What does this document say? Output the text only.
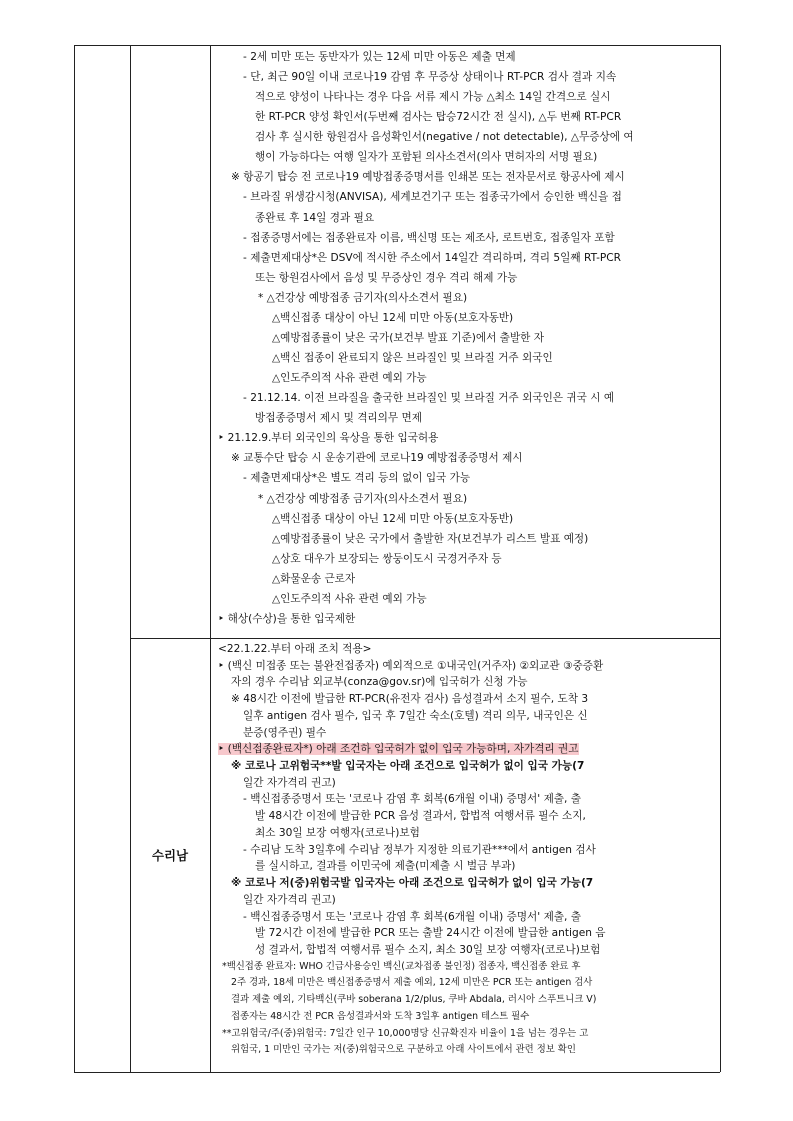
수리남
- 2세 미만 또는 동반자가 있는 12세 미만 아동은 제출 면제
- 단, 최근 90일 이내 코로나19 감염 후 무증상 상태이나 RT-PCR 검사 결과 지속
적으로 양성이 나타나는 경우 다음 서류 제시 가능 △최소 14일 간격으로 실시
한 RT-PCR 양성 확인서(두번째 검사는 탑승72시간 전 실시), △두 번째 RT-PCR
검사 후 실시한 항원검사 음성확인서(negative / not detectable), △무증상에 여
행이 가능하다는 여행 일자가 포함된 의사소견서(의사 면허자의 서명 필요)
※ 항공기 탑승 전 코로나19 예방접종증명서를 인쇄본 또는 전자문서로 항공사에 제시
- 브라질 위생감시청(ANVISA), 세계보건기구 또는 접종국가에서 승인한 백신을 접
종완료 후 14일 경과 필요
- 접종증명서에는 접종완료자 이름, 백신명 또는 제조사, 로트번호, 접종일자 포함
- 제출면제대상*은 DSV에 적시한 주소에서 14일간 격리하며, 격리 5일째 RT-PCR
또는 항원검사에서 음성 및 무증상인 경우 격리 해제 가능
* △건강상 예방접종 금기자(의사소견서 필요)
△백신접종 대상이 아닌 12세 미만 아동(보호자동반)
△예방접종률이 낮은 국가(보건부 발표 기준)에서 출발한 자
△백신 접종이 완료되지 않은 브라질인 및 브라질 거주 외국인
△인도주의적 사유 관련 예외 가능
- 21.12.14. 이전 브라질을 출국한 브라질인 및 브라질 거주 외국인은 귀국 시 예
방접종증명서 제시 및 격리의무 면제
‣ 21.12.9.부터 외국인의 육상을 통한 입국허용
※ 교통수단 탑승 시 운송기관에 코로나19 예방접종증명서 제시
- 제출면제대상*은 별도 격리 등의 없이 입국 가능
* △건강상 예방접종 금기자(의사소견서 필요)
△백신접종 대상이 아닌 12세 미만 아동(보호자동반)
△예방접종률이 낮은 국가에서 출발한 자(보건부가 리스트 발표 예정)
△상호 대우가 보장되는 쌍둥이도시 국경거주자 등
△화물운송 근로자
△인도주의적 사유 관련 예외 가능
‣ 해상(수상)을 통한 입국제한
<22.1.22.부터 아래 조치 적용>
‣ (백신 미접종 또는 불완전접종자) 예외적으로 ①내국인(거주자) ②외교관 ③중증환
자의 경우 수리남 외교부(conza@gov.sr)에 입국허가 신청 가능
※ 48시간 이전에 발급한 RT-PCR(유전자 검사) 음성결과서 소지 필수, 도착 3
일후 antigen 검사 필수, 입국 후 7일간 숙소(호텔) 격리 의무, 내국인은 신
분증(영주권) 필수
‣ (백신접종완료자*) 아래 조건하 입국허가 없이 입국 가능하며, 자가격리 권고
※ 코로나 고위험국**발 입국자는 아래 조건으로 입국허가 없이 입국 가능(7
일간 자가격리 권고)
- 백신접종증명서 또는 '코로나 감염 후 회복(6개월 이내) 증명서' 제출, 출
발 48시간 이전에 발급한 PCR 음성 결과서, 합법적 여행서류 필수 소지,
최소 30일 보장 여행자(코로나)보험
- 수리남 도착 3일후에 수리남 정부가 지정한 의료기관***에서 antigen 검사
를 실시하고, 결과를 이민국에 제출(미제출 시 벌금 부과)
※ 코로나 저(중)위험국발 입국자는 아래 조건으로 입국허가 없이 입국 가능(7
일간 자가격리 권고)
- 백신접종증명서 또는 '코로나 감염 후 회복(6개월 이내) 증명서' 제출, 출
발 72시간 이전에 발급한 PCR 또는 출발 24시간 이전에 발급한 antigen 음
성 결과서, 합법적 여행서류 필수 소지, 최소 30일 보장 여행자(코로나)보험
*백신접종 완료자: WHO 긴급사용승인 백신(교차접종 불인정) 접종자, 백신접종 완료 후
2주 경과, 18세 미만은 백신접종증명서 제출 예외, 12세 미만은 PCR 또는 antigen 검사
결과 제출 예외, 기타백신(쿠바 soberana 1/2/plus, 쿠바 Abdala, 러시아 스푸트니크 V)
접종자는 48시간 전 PCR 음성결과서와 도착 3일후 antigen 테스트 필수
**고위험국/주(중)위험국: 7일간 인구 10,000명당 신규확진자 비율이 1을 넘는 경우는 고
위험국, 1 미만인 국가는 저(중)위험국으로 구분하고 아래 사이트에서 관련 정보 확인
